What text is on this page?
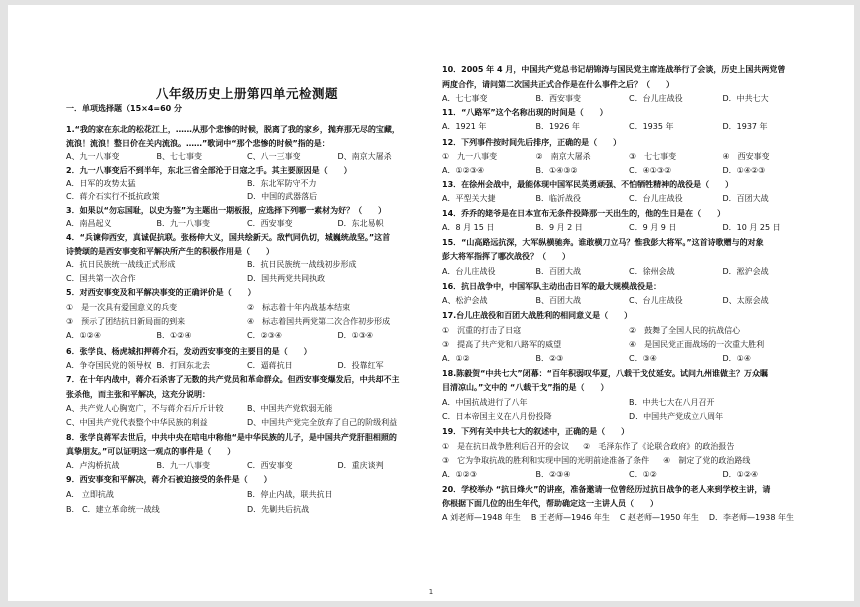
八年级历史上册第四单元检测题
一．单项选择题（15×4=60 分
1.“我的家在东北的松花江上，……从那个悲惨的时候，脱离了我的家乡，抛弃那无尽的宝藏，
流浪！流浪！整日价在关内流浪。……”歌词中“那个悲惨的时候”指的是：
A、九一八事变	B、七七事变	C、八一三事变	D、南京大屠杀
2．九一八事变后不到半年，东北三省全部沦于日寇之手。其主要原因是（　　）
A．日军的攻势太猛	B．东北军防守不力
C．蒋介石实行不抵抗政策	D．中国的武器落后
3．如果以“勿忘国耻，以史为鉴”为主题出一期板报，应选择下列哪一素材为好？（　　）
A．南昌起义	B．九一八事变	C．西安事变	D．东北易帜
4．“兵谏仰西安，真诚促抗联。张杨伸大义，国共绘新天。敌忾同仇切，城巍统战坚。”这首
诗赞颂的是西安事变和平解决所产生的积极作用是（　　）
A．抗日民族统一战线正式形成	B．抗日民族统一战线初步形成
C．国共第一次合作	D．国共两党共同执政
5．对西安事变及和平解决事变的正确评价是（　　）
①　是一次具有爱国意义的兵变	②　标志着十年内战基本结束
③　预示了团结抗日新局面的到来	④　标志着国共两党第二次合作初步形成
A．①②④	B．①②④	C．②③④	D．①③④
6．张学良、杨虎城扣押蒋介石，发动西安事变的主要目的是（　　）
A．争夺国民党的领导权 B．打回东北去	C．逼蒋抗日	D．投靠红军
7．在十年内战中，蒋介石杀害了无数的共产党员和革命群众。但西安事变爆发后，中共却不主
张杀他，而主张和平解决，这充分说明：
A、共产党人心胸宽广，不与蒋介石斤斤计较	B、中国共产党软弱无能
C、中国共产党代表整个中华民族的利益	D、中国共产党完全放弃了自己的阶级利益
8．张学良蒋军去世后，中共中央在唁电中称他“是中华民族的儿子，是中国共产党肝胆相照的
真挚朋友。”可以证明这一观点的事件是（　　）
A．卢沟桥抗战	B．九一八事变	C．西安事变	D．重庆谈判
9．西安事变和平解决，蒋介石被迫接受的条件是（　　）
A.　立即抗战	B．停止内战，联共抗日
B.　C．建立革命统一战线	D．先剿共后抗战
10．2005 年 4 月，中国共产党总书记胡锦涛与国民党主席连战举行了会谈，历史上国共两党曾
两度合作，请问第二次国共正式合作是在什么事件之后？（　　）
A．七七事变	B．西安事变	C．台儿庄战役	D．中共七大
11．“八路军”这个名称出现的时间是（　　）
A．1921 年	B．1926 年	C．1935 年	D．1937 年
12．下列事件按时间先后排序，正确的是（　　）
①　九一八事变	②　南京大屠杀	③　七七事变	④　西安事变
A．①②③④	B．①④③②	C．④①③②	D．①④②③
13．在徐州会战中，最能体现中国军民英勇顽强、不怕牺牲精神的战役是（　　）
A．平型关大捷	B．临沂战役	C．台儿庄战役	D．百团大战
14．乔乔的姥爷是在日本宣布无条件投降那一天出生的，他的生日是在（　　）
A．8 月 15 日	B．9 月 2 日	C．9 月 9 日	D．10 月 25 日
15．“山高路远抗深，大军纵横驰奔。谁敢横刀立马？惟我彭大将军。”这首诗歌赠与的对象
彭大将军指挥了哪次战役？（　　）
A．台儿庄战役	B．百团大战	C．徐州会战	D．淞沪会战
16．抗日战争中，中国军队主动出击日军的最大规模战役是：
A、松沪会战	B、百团大战	C、台儿庄战役	D、太原会战
17.台儿庄战役和百团大战胜利的相同意义是（　　）
①　沉重的打击了日寇	②　鼓舞了全国人民的抗战信心
③　提高了共产党和八路军的威望	④　是国民党正面战场的一次重大胜利
A．①②	B．②③	C．③④	D．①④
18.陈毅贺“中共七大”闭幕：“百年积弱叹华夏，八载干戈仗延安。试问九州谁做主？万众瞩
目清凉山。”文中的 “八载干戈”指的是（　　）
A．中国抗战进行了八年	B．中共七大在八月召开
C．日本帝国主义在八月份投降	D．中国共产党成立八周年
19．下列有关中共七大的叙述中，正确的是（　　）
①　是在抗日战争胜利后召开的会议 ②　毛泽东作了《论联合政府》的政治报告
③　它为争取抗战的胜利和实现中国的光明前途准备了条件 ④　制定了党的政治路线
A．①②③	B．②③④	C．①②	D．①②④
20．学校举办 “抗日烽火”的讲座，准备邀请一位曾经历过抗日战争的老人来到学校主讲，请
你根据下面几位的出生年代，帮助确定这一主讲人员（　　）
A 刘老师—1948 年生 B 王老师—1946 年生 C 赵老师—1950 年生 D．李老师—1938 年生
1
